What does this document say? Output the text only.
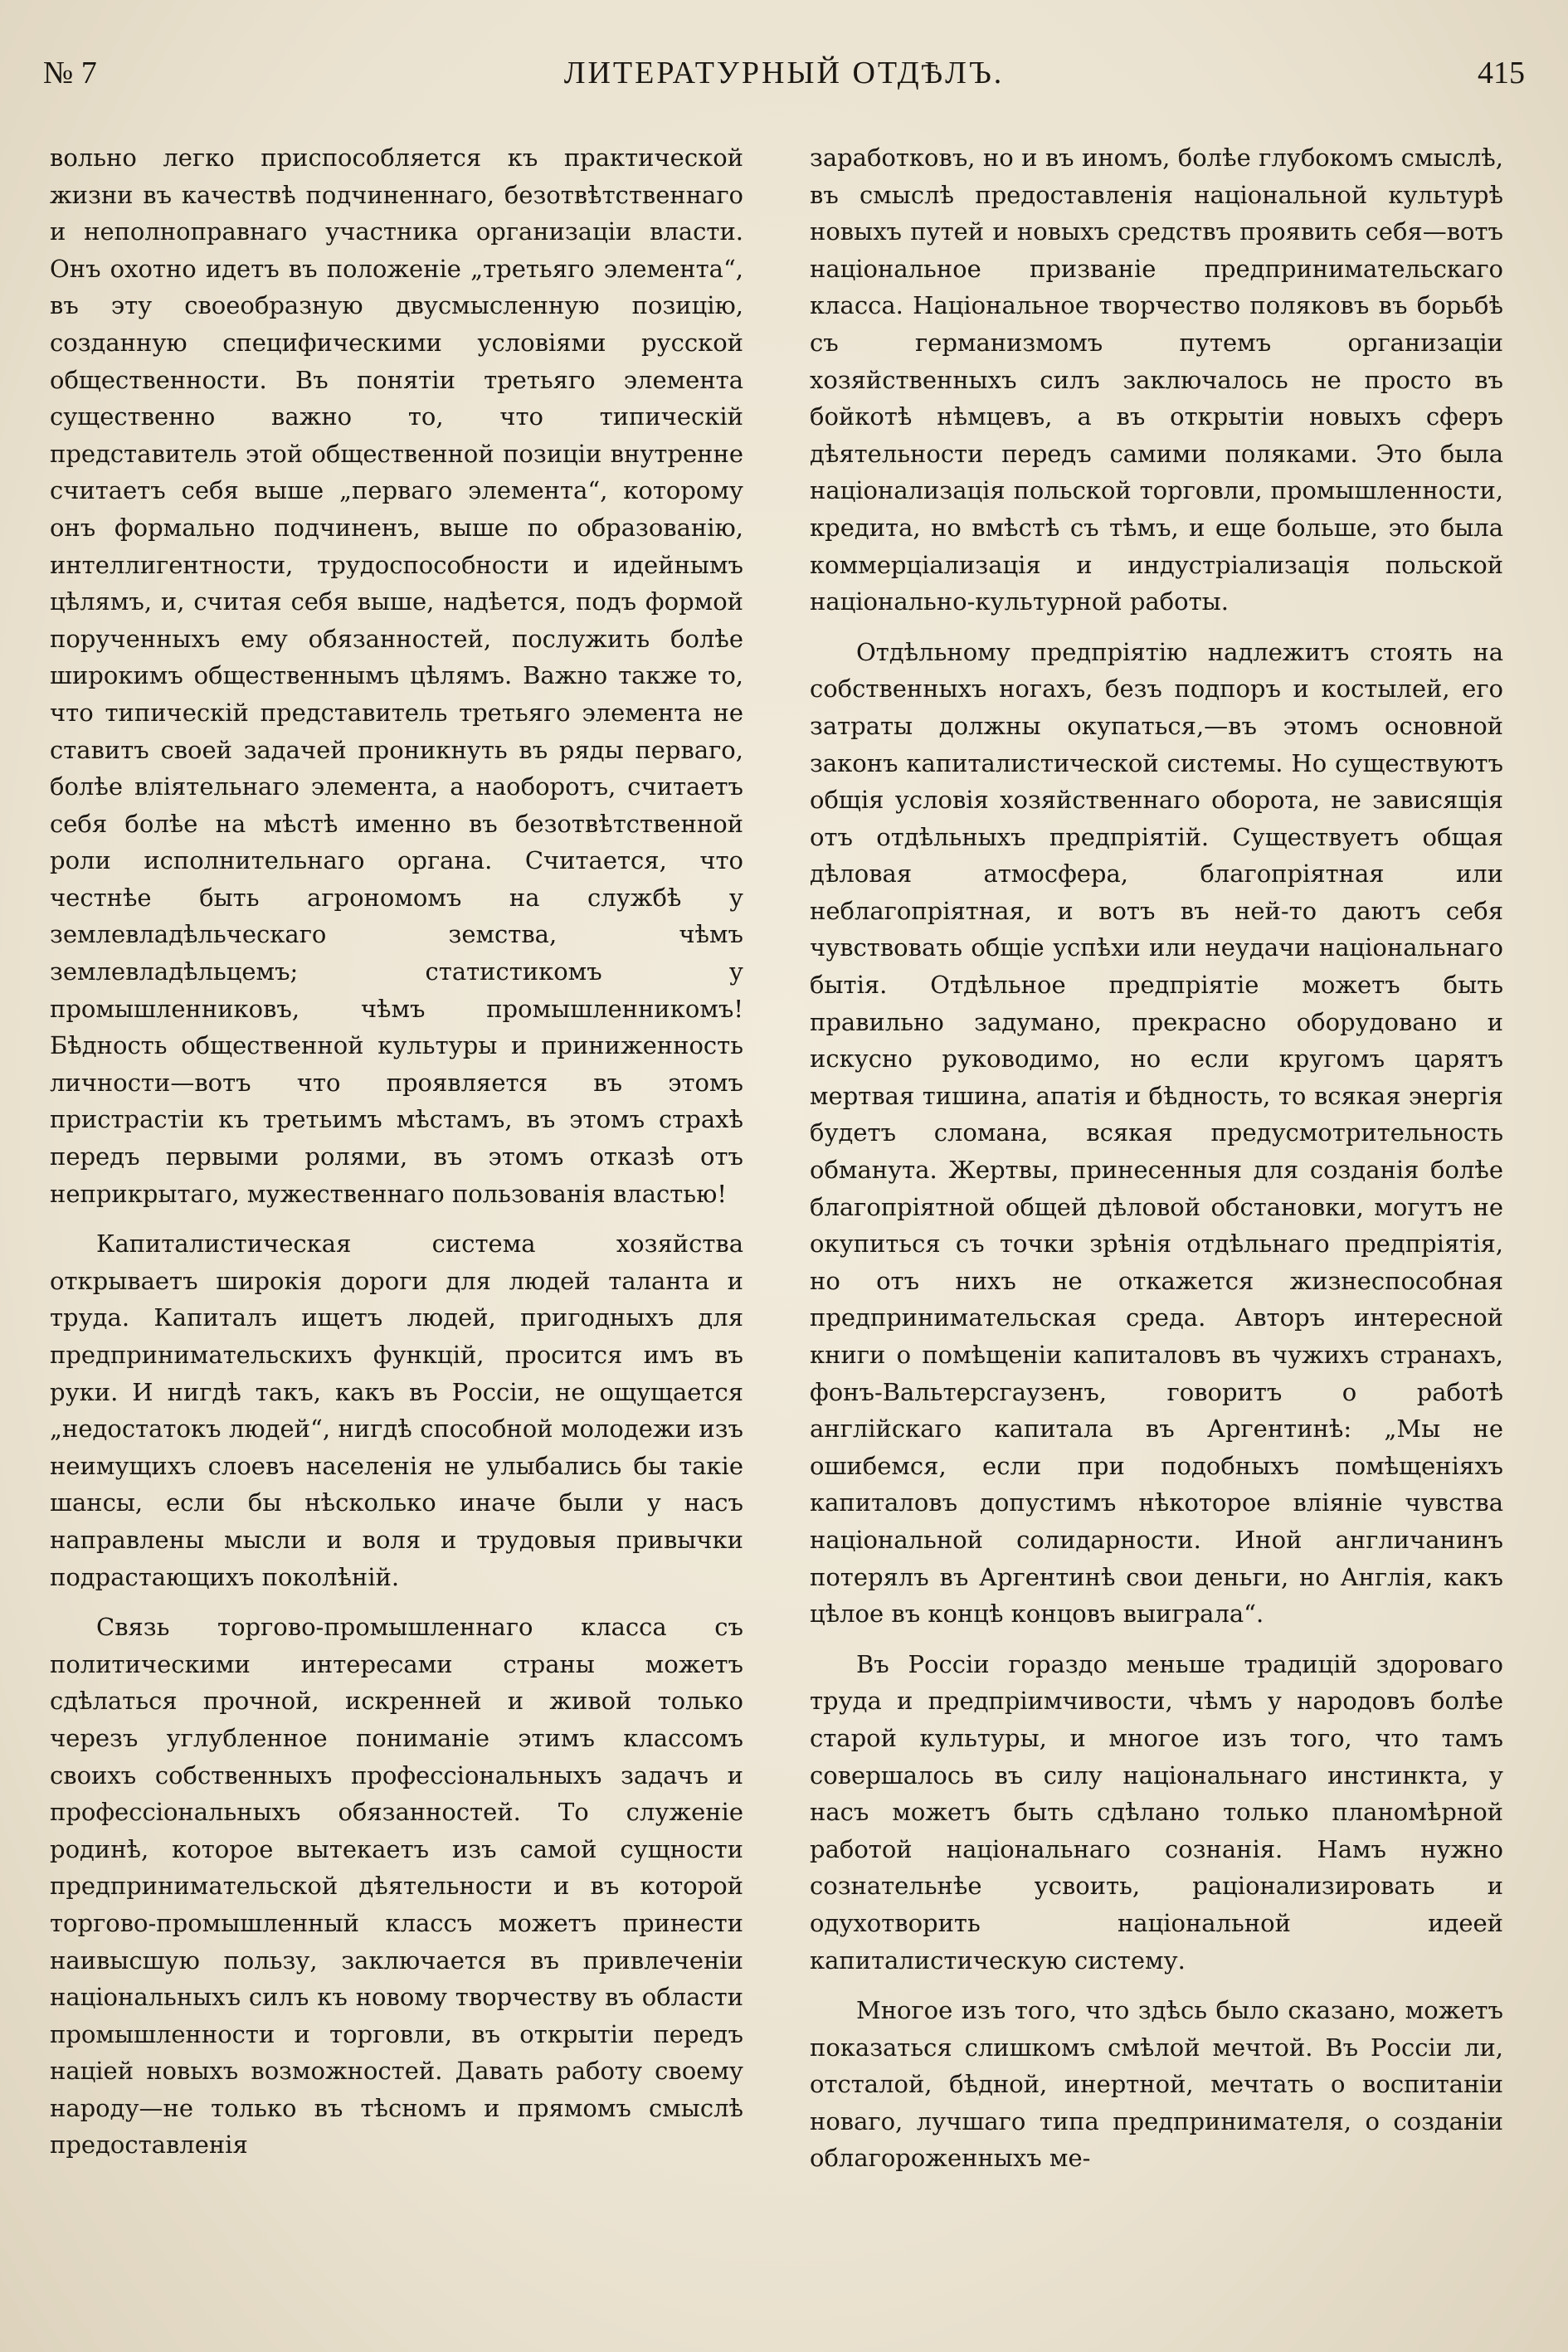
№ 7	ЛИТЕРАТУРНЫЙ ОТДѢЛЪ.	415

вольно легко приспособляется къ практической жизни въ качествѣ подчиненнаго, безотвѣтственнаго и неполноправнаго участника организаціи власти. Онъ охотно идетъ въ положеніе „третьяго элемента“, въ эту своеобразную двусмысленную позицію, созданную специфическими условіями русской общественности. Въ понятіи третьяго элемента существенно важно то, что типическій представитель этой общественной позиціи внутренне считаетъ себя выше „перваго элемента“, которому онъ формально подчиненъ, выше по образованію, интеллигентности, трудоспособности и идейнымъ цѣлямъ, и, считая себя выше, надѣется, подъ формой порученныхъ ему обязанностей, послужить болѣе широкимъ общественнымъ цѣлямъ. Важно также то, что типическій представитель третьяго элемента не ставитъ своей задачей проникнуть въ ряды перваго, болѣе вліятельнаго элемента, а наоборотъ, считаетъ себя болѣе на мѣстѣ именно въ безотвѣтственной роли исполнительнаго органа. Считается, что честнѣе быть агрономомъ на службѣ у землевладѣльческаго земства, чѣмъ землевладѣльцемъ; статистикомъ у промышленниковъ, чѣмъ промышленникомъ! Бѣдность общественной культуры и приниженность личности—вотъ что проявляется въ этомъ пристрастіи къ третьимъ мѣстамъ, въ этомъ страхѣ передъ первыми ролями, въ этомъ отказѣ отъ неприкрытаго, мужественнаго пользованія властью!

Капиталистическая система хозяйства открываетъ широкія дороги для людей таланта и труда. Капиталъ ищетъ людей, пригодныхъ для предпринимательскихъ функцій, просится имъ въ руки. И нигдѣ такъ, какъ въ Россіи, не ощущается „недостатокъ людей“, нигдѣ способной молодежи изъ неимущихъ слоевъ населенія не улыбались бы такіе шансы, если бы нѣсколько иначе были у насъ направлены мысли и воля и трудовыя привычки подрастающихъ поколѣній.

Связь торгово-промышленнаго класса съ политическими интересами страны можетъ сдѣлаться прочной, искренней и живой только черезъ углубленное пониманіе этимъ классомъ своихъ собственныхъ профессіональныхъ задачъ и профессіональныхъ обязанностей. То служеніе родинѣ, которое вытекаетъ изъ самой сущности предпринимательской дѣятельности и въ которой торгово-промышленный классъ можетъ принести наивысшую пользу, заключается въ привлеченіи національныхъ силъ къ новому творчеству въ области промышленности и торговли, въ открытіи передъ націей новыхъ возможностей. Давать работу своему народу—не только въ тѣсномъ и прямомъ смыслѣ предоставленія

заработковъ, но и въ иномъ, болѣе глубокомъ смыслѣ, въ смыслѣ предоставленія національной культурѣ новыхъ путей и новыхъ средствъ проявить себя—вотъ національное призваніе предпринимательскаго класса. Національное творчество поляковъ въ борьбѣ съ германизмомъ путемъ организаціи хозяйственныхъ силъ заключалось не просто въ бойкотѣ нѣмцевъ, а въ открытіи новыхъ сферъ дѣятельности передъ самими поляками. Это была націонализація польской торговли, промышленности, кредита, но вмѣстѣ съ тѣмъ, и еще больше, это была коммерціализація и индустріализація польской національно-культурной работы.

Отдѣльному предпріятію надлежитъ стоять на собственныхъ ногахъ, безъ подпоръ и костылей, его затраты должны окупаться,—въ этомъ основной законъ капиталистической системы. Но существуютъ общія условія хозяйственнаго оборота, не зависящія отъ отдѣльныхъ предпріятій. Существуетъ общая дѣловая атмосфера, благопріятная или неблагопріятная, и вотъ въ ней-то даютъ себя чувствовать общіе успѣхи или неудачи національнаго бытія. Отдѣльное предпріятіе можетъ быть правильно задумано, прекрасно оборудовано и искусно руководимо, но если кругомъ царятъ мертвая тишина, апатія и бѣдность, то всякая энергія будетъ сломана, всякая предусмотрительность обманута. Жертвы, принесенныя для созданія болѣе благопріятной общей дѣловой обстановки, могутъ не окупиться съ точки зрѣнія отдѣльнаго предпріятія, но отъ нихъ не откажется жизнеспособная предпринимательская среда. Авторъ интересной книги о помѣщеніи капиталовъ въ чужихъ странахъ, фонъ-Вальтерсгаузенъ, говоритъ о работѣ англійскаго капитала въ Аргентинѣ: „Мы не ошибемся, если при подобныхъ помѣщеніяхъ капиталовъ допустимъ нѣкоторое вліяніе чувства національной солидарности. Иной англичанинъ потерялъ въ Аргентинѣ свои деньги, но Англія, какъ цѣлое въ концѣ концовъ выиграла“.

Въ Россіи гораздо меньше традицій здороваго труда и предпріимчивости, чѣмъ у народовъ болѣе старой культуры, и многое изъ того, что тамъ совершалось въ силу національнаго инстинкта, у насъ можетъ быть сдѣлано только планомѣрной работой національнаго сознанія. Намъ нужно сознательнѣе усвоить, раціонализировать и одухотворить національной идеей капиталистическую систему.

Многое изъ того, что здѣсь было сказано, можетъ показаться слишкомъ смѣлой мечтой. Въ Россіи ли, отсталой, бѣдной, инертной, мечтать о воспитаніи новаго, лучшаго типа предпринимателя, о созданіи облагороженныхъ ме-
